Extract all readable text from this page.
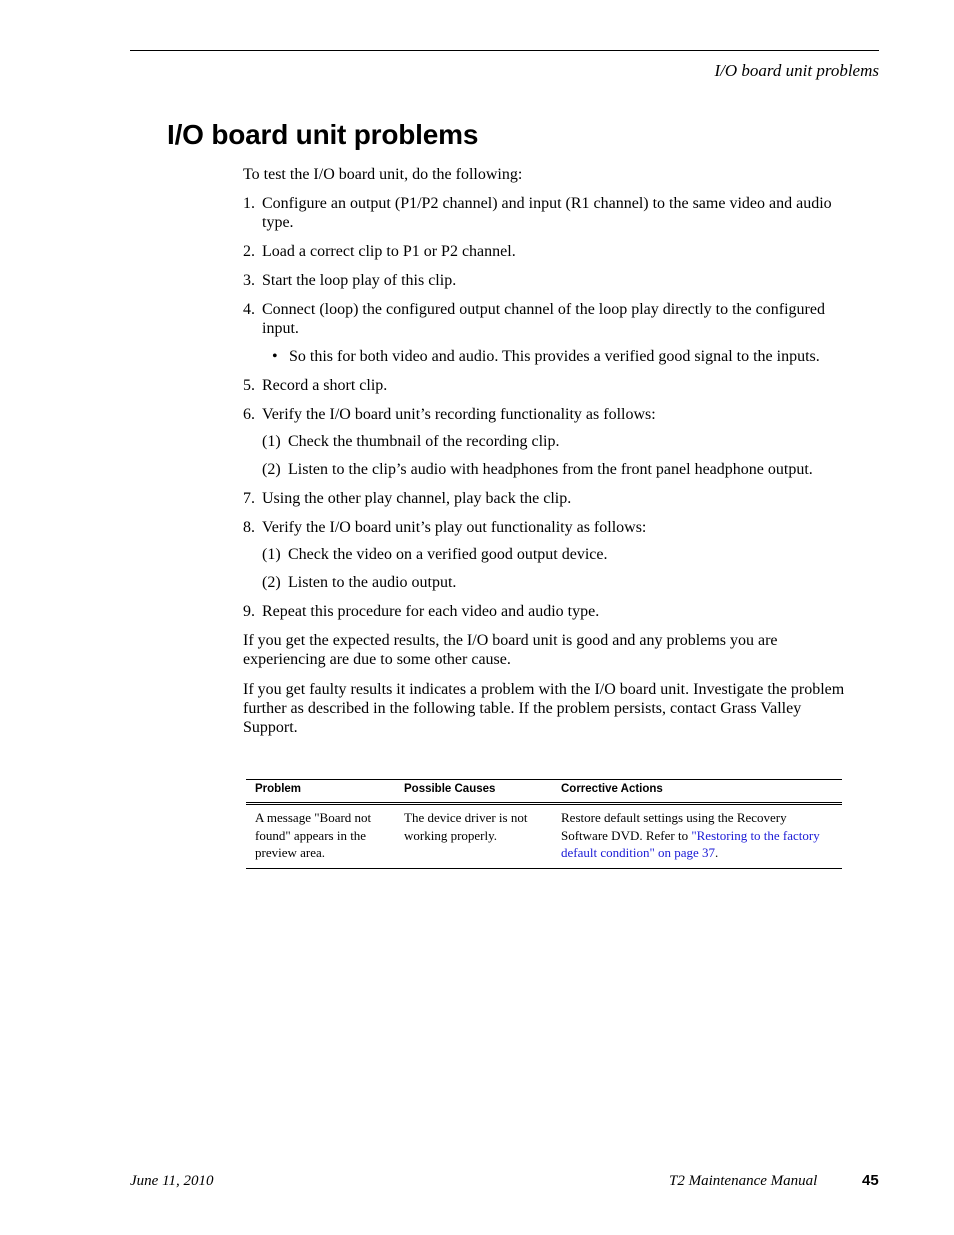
I/O board unit problems
I/O board unit problems

To test the I/O board unit, do the following:

1. Configure an output (P1/P2 channel) and input (R1 channel) to the same video and audio type.
2. Load a correct clip to P1 or P2 channel.
3. Start the loop play of this clip.
4. Connect (loop) the configured output channel of the loop play directly to the configured input.
• So this for both video and audio. This provides a verified good signal to the inputs.
5. Record a short clip.
6. Verify the I/O board unit’s recording functionality as follows:
(1) Check the thumbnail of the recording clip.
(2) Listen to the clip’s audio with headphones from the front panel headphone output.
7. Using the other play channel, play back the clip.
8. Verify the I/O board unit’s play out functionality as follows:
(1) Check the video on a verified good output device.
(2) Listen to the audio output.
9. Repeat this procedure for each video and audio type.

If you get the expected results, the I/O board unit is good and any problems you are experiencing are due to some other cause.

If you get faulty results it indicates a problem with the I/O board unit. Investigate the problem further as described in the following table. If the problem persists, contact Grass Valley Support.

Problem	Possible Causes	Corrective Actions
A message "Board not found" appears in the preview area.	The device driver is not working properly.	Restore default settings using the Recovery Software DVD. Refer to "Restoring to the factory default condition" on page 37.
June 11, 2010	T2 Maintenance Manual	45
